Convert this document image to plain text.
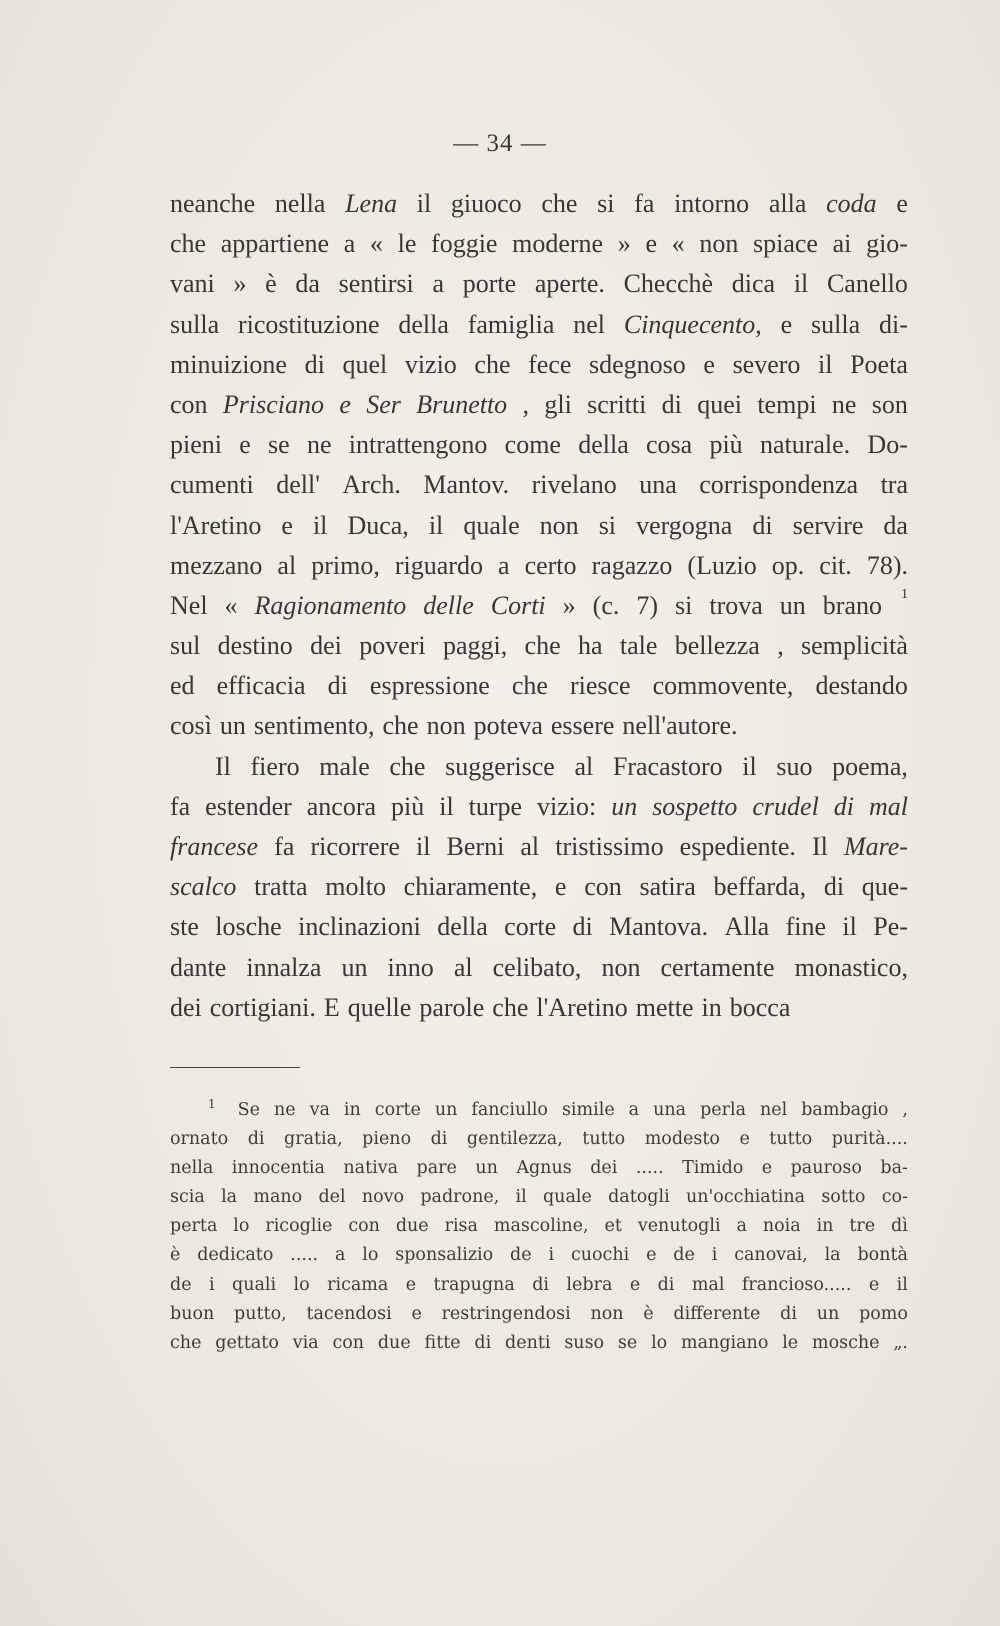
— 34 —
neanche nella Lena il giuoco che si fa intorno alla coda e
che appartiene a « le foggie moderne » e « non spiace ai gio-
vani » è da sentirsi a porte aperte. Checchè dica il Canello
sulla ricostituzione della famiglia nel Cinquecento, e sulla di-
minuizione di quel vizio che fece sdegnoso e severo il Poeta
con Prisciano e Ser Brunetto , gli scritti di quei tempi ne son
pieni e se ne intrattengono come della cosa più naturale. Do-
cumenti dell' Arch. Mantov. rivelano una corrispondenza tra
l'Aretino e il Duca, il quale non si vergogna di servire da
mezzano al primo, riguardo a certo ragazzo (Luzio op. cit. 78).
Nel « Ragionamento delle Corti » (c. 7) si trova un brano 1
sul destino dei poveri paggi, che ha tale bellezza , semplicità
ed efficacia di espressione che riesce commovente, destando
così un sentimento, che non poteva essere nell'autore.
Il fiero male che suggerisce al Fracastoro il suo poema,
fa estender ancora più il turpe vizio: un sospetto crudel di mal
francese fa ricorrere il Berni al tristissimo espediente. Il Mare-
scalco tratta molto chiaramente, e con satira beffarda, di que-
ste losche inclinazioni della corte di Mantova. Alla fine il Pe-
dante innalza un inno al celibato, non certamente monastico,
dei cortigiani. E quelle parole che l'Aretino mette in bocca
1 Se ne va in corte un fanciullo simile a una perla nel bambagio ,
ornato di gratia, pieno di gentilezza, tutto modesto e tutto purità....
nella innocentia nativa pare un Agnus dei ..... Timido e pauroso ba-
scia la mano del novo padrone, il quale datogli un'occhiatina sotto co-
perta lo ricoglie con due risa mascoline, et venutogli a noia in tre dì
è dedicato ..... a lo sponsalizio de i cuochi e de i canovai, la bontà
de i quali lo ricama e trapugna di lebra e di mal francioso..... e il
buon putto, tacendosi e restringendosi non è differente di un pomo
che gettato via con due fitte di denti suso se lo mangiano le mosche „.
